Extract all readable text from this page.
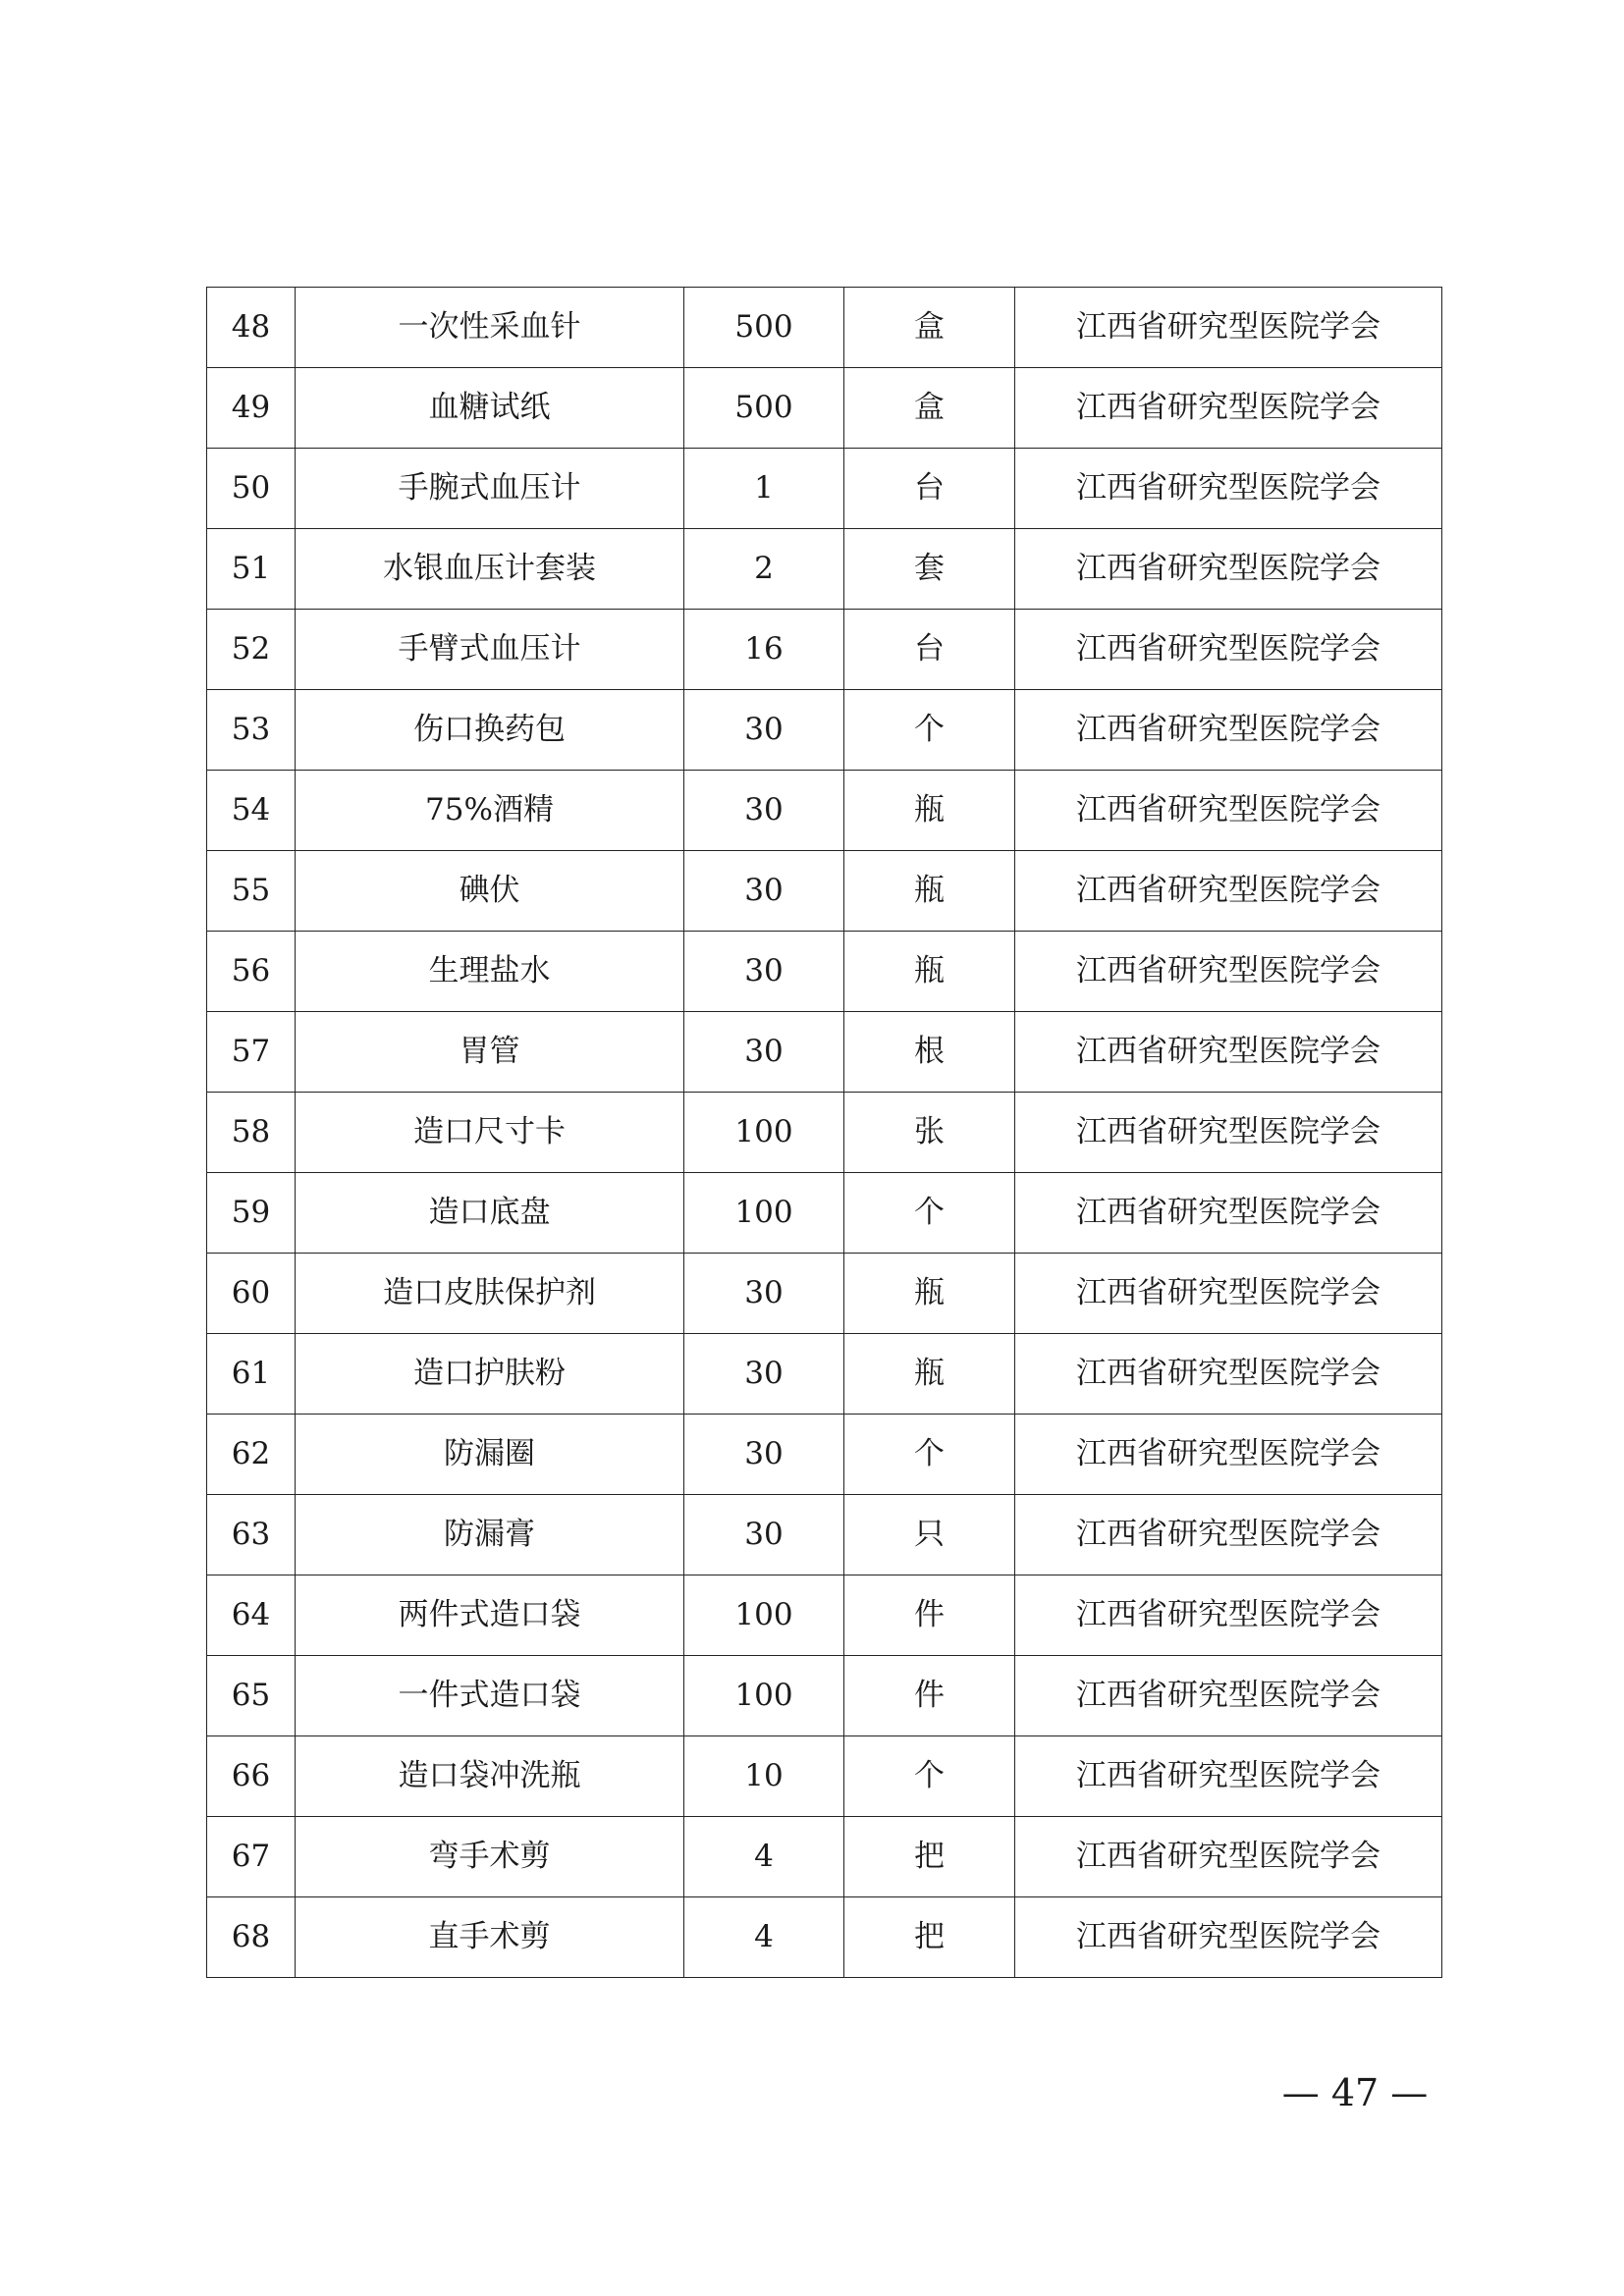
48	一次性采血针	500	盒	江西省研究型医院学会
49	血糖试纸	500	盒	江西省研究型医院学会
50	手腕式血压计	1	台	江西省研究型医院学会
51	水银血压计套装	2	套	江西省研究型医院学会
52	手臂式血压计	16	台	江西省研究型医院学会
53	伤口换药包	30	个	江西省研究型医院学会
54	75%酒精	30	瓶	江西省研究型医院学会
55	碘伏	30	瓶	江西省研究型医院学会
56	生理盐水	30	瓶	江西省研究型医院学会
57	胃管	30	根	江西省研究型医院学会
58	造口尺寸卡	100	张	江西省研究型医院学会
59	造口底盘	100	个	江西省研究型医院学会
60	造口皮肤保护剂	30	瓶	江西省研究型医院学会
61	造口护肤粉	30	瓶	江西省研究型医院学会
62	防漏圈	30	个	江西省研究型医院学会
63	防漏膏	30	只	江西省研究型医院学会
64	两件式造口袋	100	件	江西省研究型医院学会
65	一件式造口袋	100	件	江西省研究型医院学会
66	造口袋冲洗瓶	10	个	江西省研究型医院学会
67	弯手术剪	4	把	江西省研究型医院学会
68	直手术剪	4	把	江西省研究型医院学会
— 47 —
